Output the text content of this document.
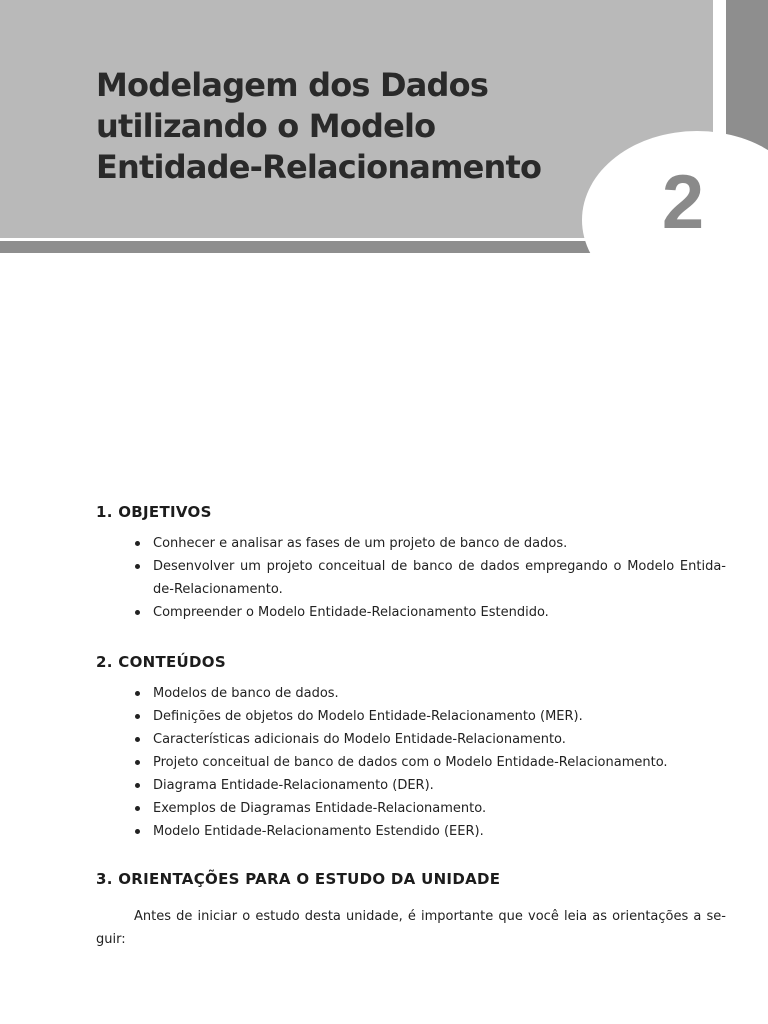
2
Modelagem dos Dados
utilizando o Modelo
Entidade-Relacionamento
1. OBJETIVOS
Conhecer e analisar as fases de um projeto de banco de dados.
Desenvolver um projeto conceitual de banco de dados empregando o Modelo Entida-de-Relacionamento.
Compreender o Modelo Entidade-Relacionamento Estendido.
2. CONTEÚDOS
Modelos de banco de dados.
Definições de objetos do Modelo Entidade-Relacionamento (MER).
Características adicionais do Modelo Entidade-Relacionamento.
Projeto conceitual de banco de dados com o Modelo Entidade-Relacionamento.
Diagrama Entidade-Relacionamento (DER).
Exemplos de Diagramas Entidade-Relacionamento.
Modelo Entidade-Relacionamento Estendido (EER).
3. ORIENTAÇÕES PARA O ESTUDO DA UNIDADE

Antes de iniciar o estudo desta unidade, é importante que você leia as orientações a se-guir:
